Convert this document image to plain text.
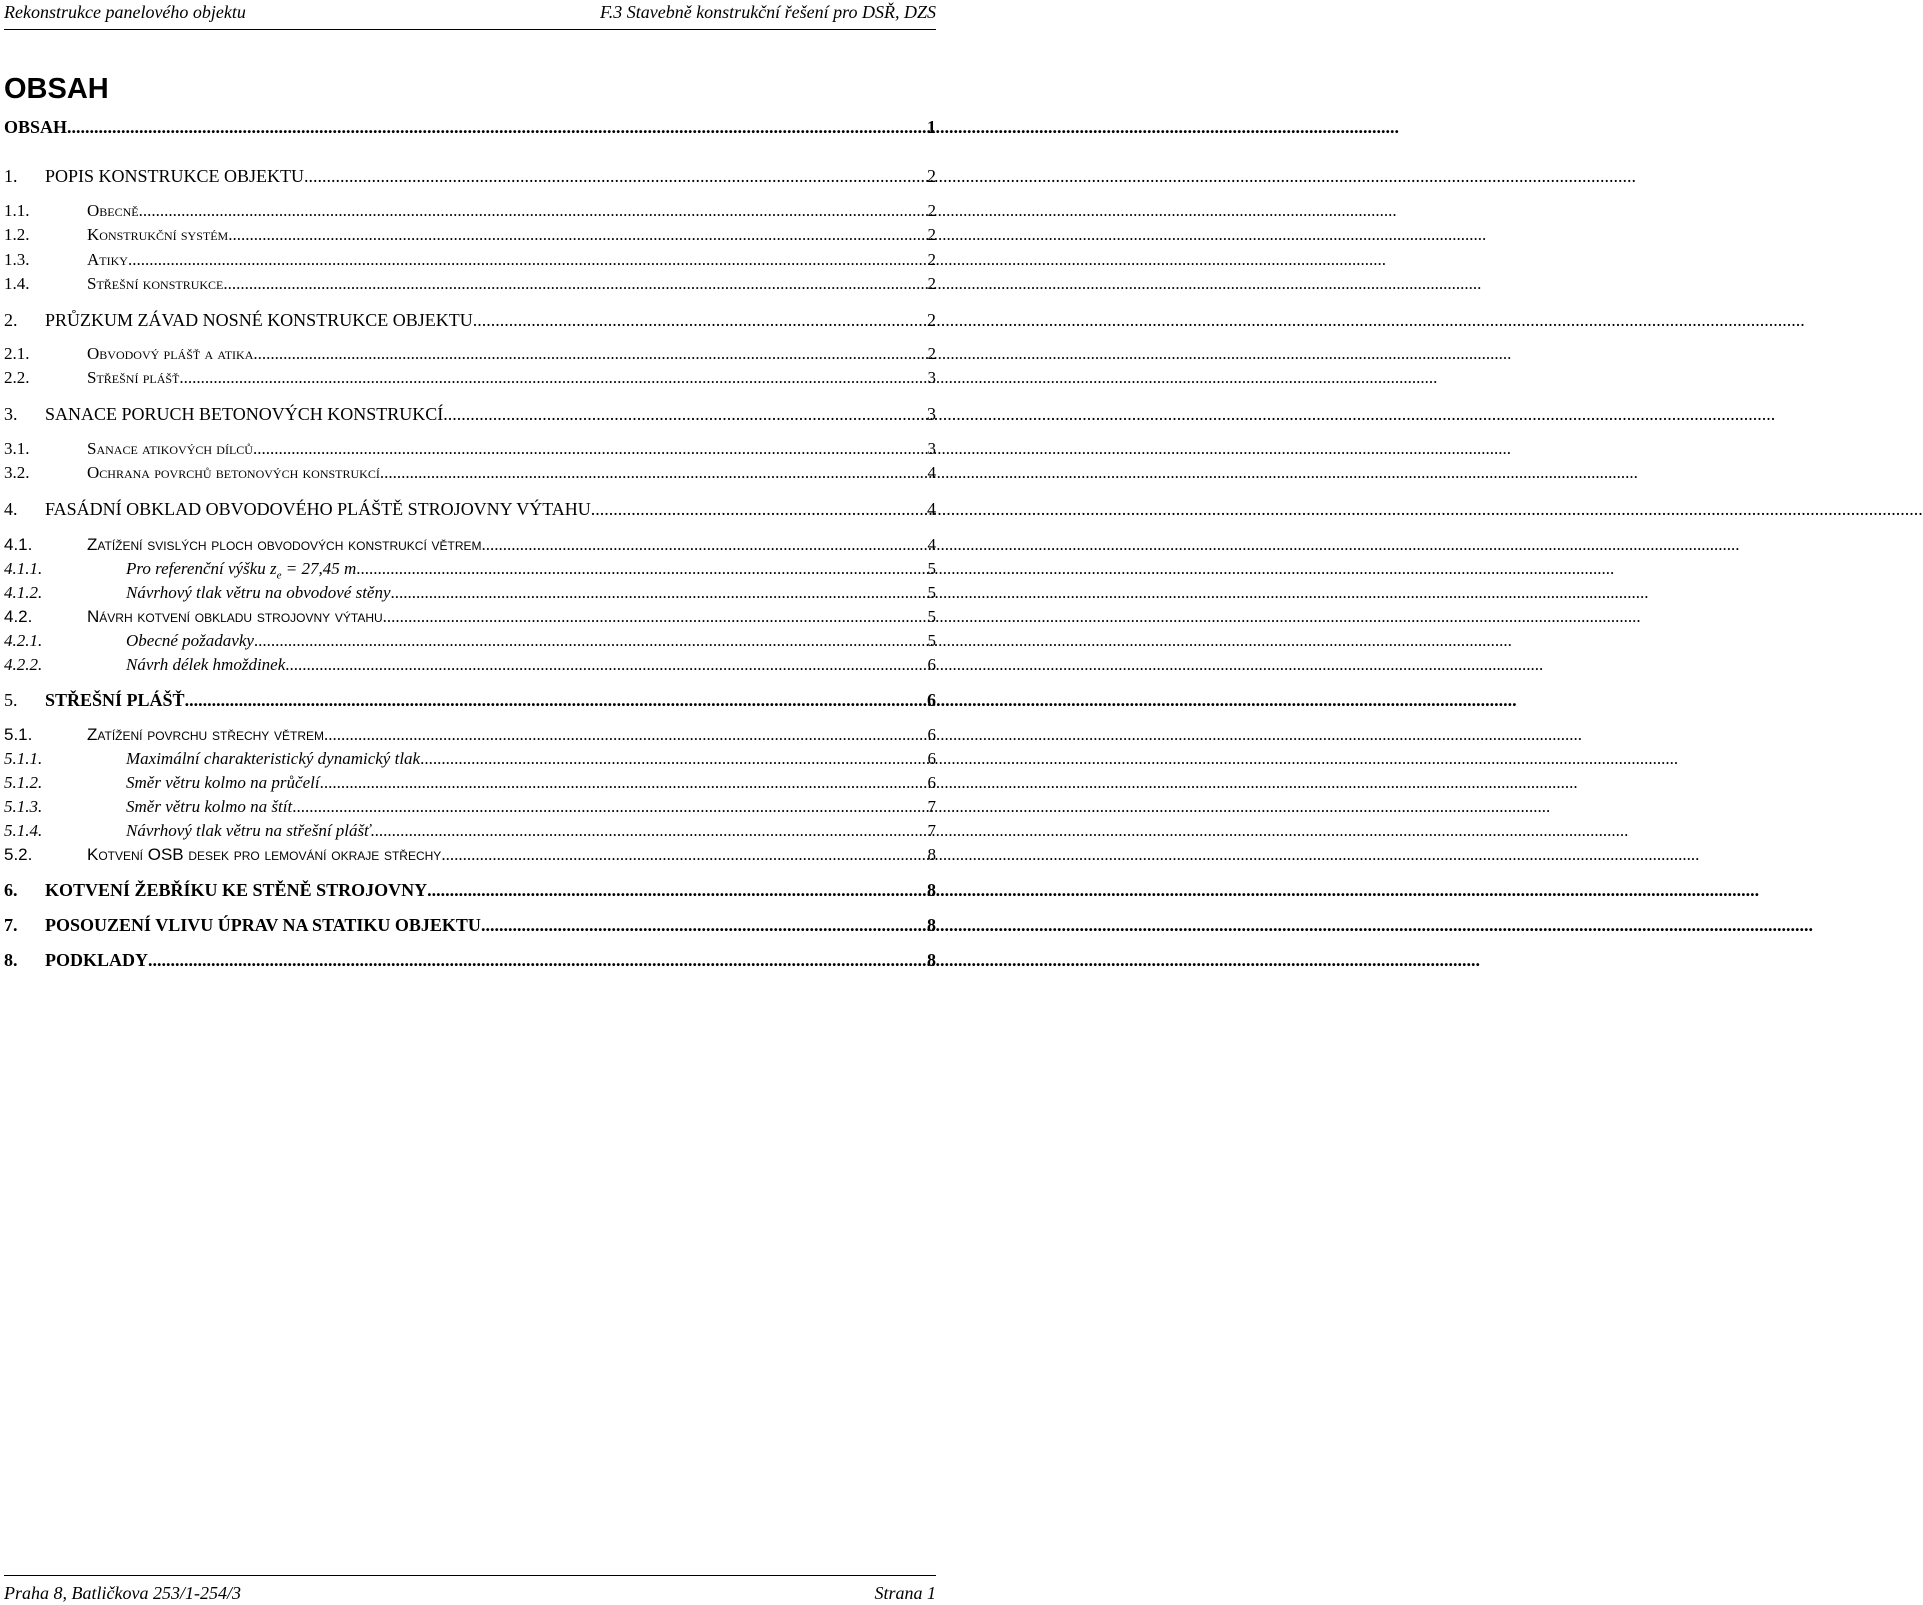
Rekonstrukce panelového objektu	F.3 Stavebně konstrukční řešení pro DSŘ, DZS
OBSAH
OBSAH .....	1
1.	POPIS KONSTRUKCE OBJEKTU .....	2
1.1.	Obecně .....	2
1.2.	Konstrukční systém .....	2
1.3.	Atiky .....	2
1.4.	Střešní konstrukce .....	2
2.	PRŮZKUM ZÁVAD NOSNÉ KONSTRUKCE OBJEKTU .....	2
2.1.	Obvodový plášť a atika .....	2
2.2.	Střešní plášť .....	3
3.	SANACE PORUCH BETONOVÝCH KONSTRUKCÍ .....	3
3.1.	Sanace atikových dílců .....	3
3.2.	Ochrana povrchů betonových konstrukcí .....	4
4.	FASÁDNÍ OBKLAD OBVODOVÉHO PLÁŠTĚ STROJOVNY VÝTAHU .....	4
4.1.	Zatížení svislých ploch obvodových konstrukcí větrem .....	4
4.1.1.	Pro referenční výšku $z_e = 27,45$ m .....	5
4.1.2.	Návrhový tlak větru na obvodové stěny .....	5
4.2.	Návrh kotvení obkladu strojovny výtahu .....	5
4.2.1.	Obecné požadavky .....	5
4.2.2.	Návrh délek hmoždinek .....	6
5.	STŘEŠNÍ PLÁŠŤ .....	6
5.1.	Zatížení povrchu střechy větrem .....	6
5.1.1.	Maximální charakteristický dynamický tlak .....	6
5.1.2.	Směr větru kolmo na průčelí .....	6
5.1.3.	Směr větru kolmo na štít .....	7
5.1.4.	Návrhový tlak větru na střešní plášť .....	7
5.2.	Kotvení OSB desek pro lemování okraje střechy .....	8
6.	KOTVENÍ ŽEBŘÍKU KE STĚNĚ STROJOVNY .....	8
7.	POSOUZENÍ VLIVU ÚPRAV NA STATIKU OBJEKTU .....	8
8.	PODKLADY .....	8
Praha 8, Batličkova 253/1-254/3	Strana 1
